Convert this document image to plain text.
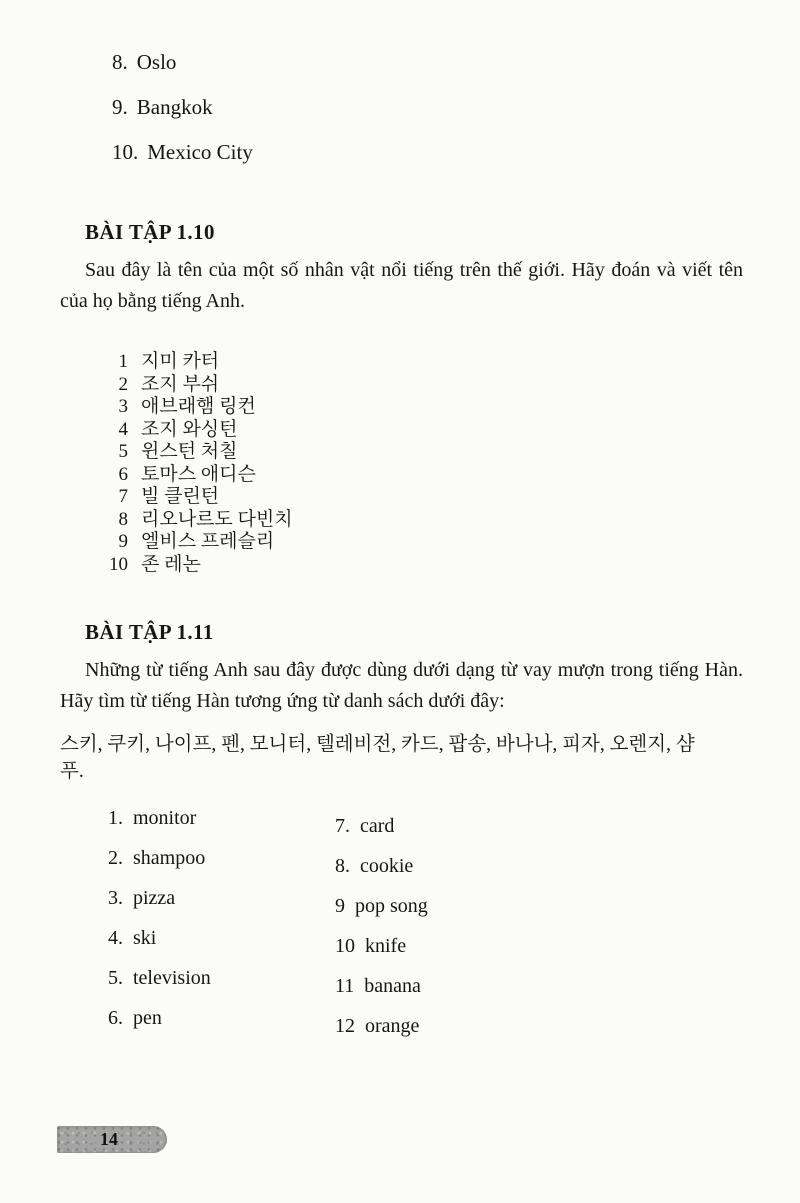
8. Oslo
9. Bangkok
10. Mexico City
BÀI TẬP 1.10
Sau đây là tên của một số nhân vật nổi tiếng trên thế giới. Hãy đoán và viết tên của họ bằng tiếng Anh.
1 지미 카터
2 조지 부쉬
3 애브래햄 링컨
4 조지 와싱턴
5 윈스턴 처칠
6 토마스 애디슨
7 빌 클린턴
8 리오나르도 다빈치
9 엘비스 프레슬리
10 존 레논
BÀI TẬP 1.11
Những từ tiếng Anh sau đây được dùng dưới dạng từ vay mượn trong tiếng Hàn. Hãy tìm từ tiếng Hàn tương ứng từ danh sách dưới đây:
스키, 쿠키, 나이프, 펜, 모니터, 텔레비전, 카드, 팝송, 바나나, 피자, 오렌지, 샴푸.
1. monitor
2. shampoo
3. pizza
4. ski
5. television
6. pen
7. card
8. cookie
9 pop song
10 knife
11 banana
12 orange
14
